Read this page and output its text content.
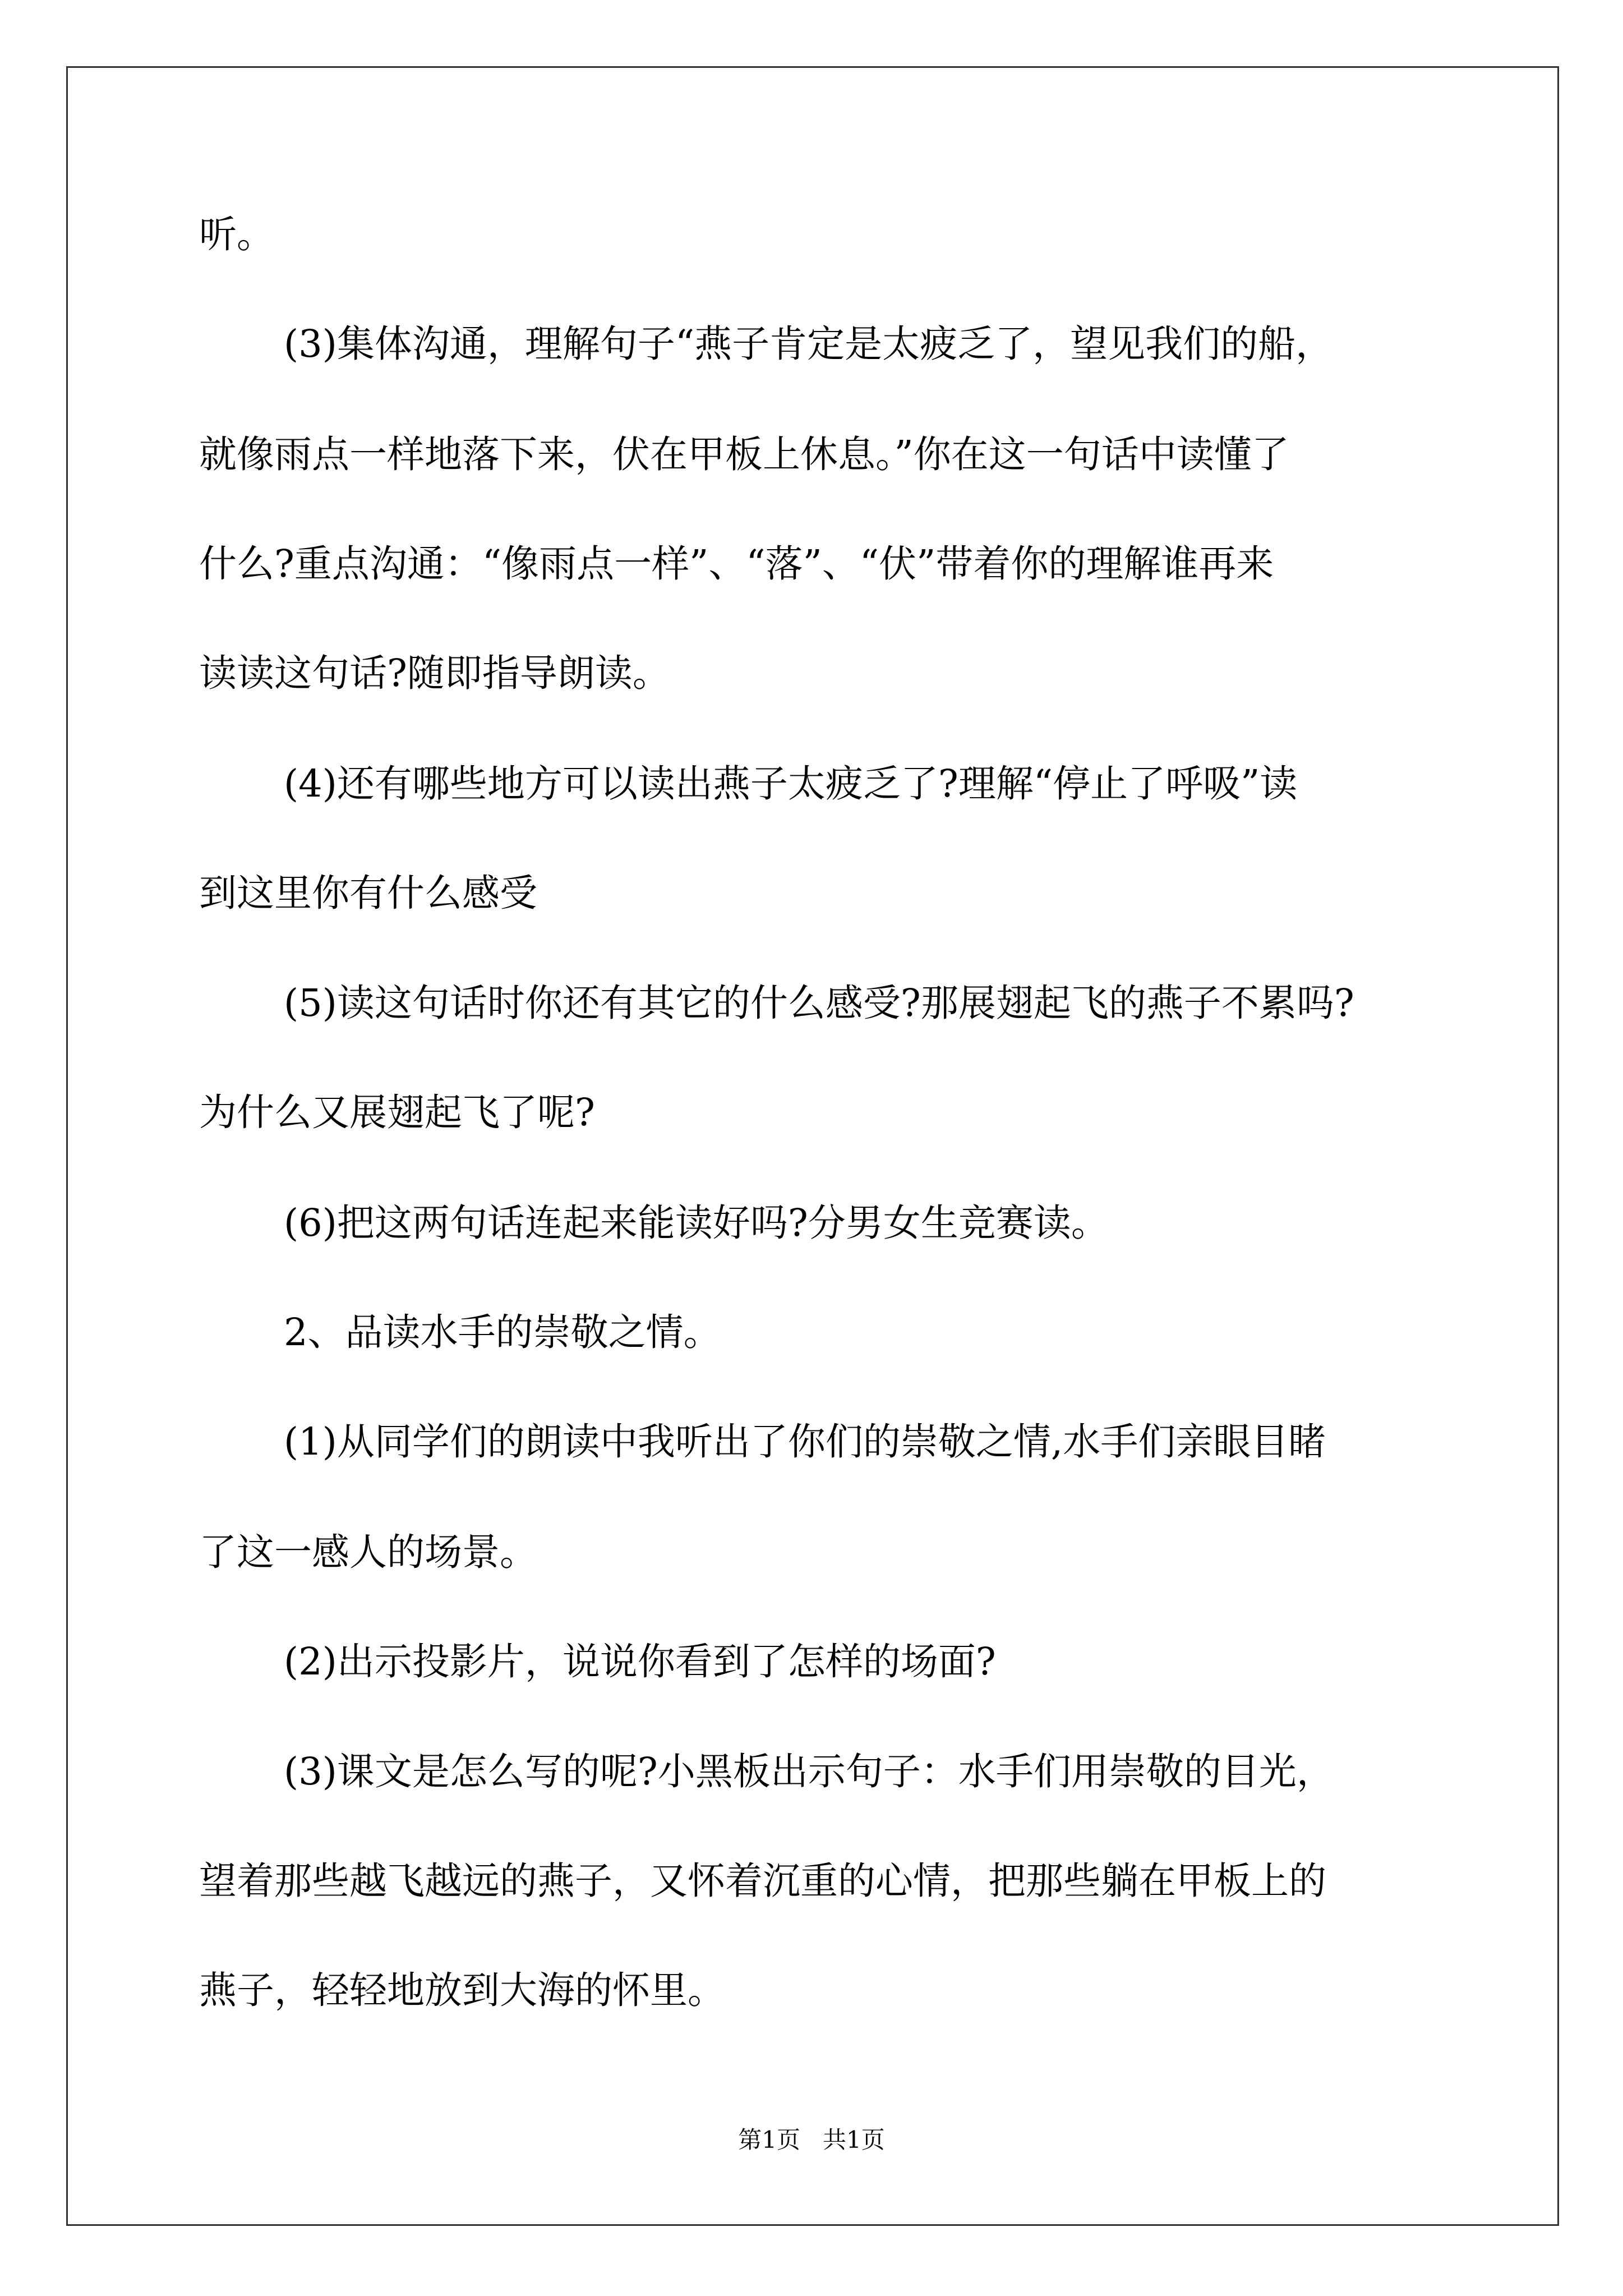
听。

(3)集体沟通，理解句子“燕子肯定是太疲乏了，望见我们的船，

就像雨点一样地落下来，伏在甲板上休息。”你在这一句话中读懂了

什么?重点沟通：“像雨点一样”、“落”、“伏”带着你的理解谁再来

读读这句话?随即指导朗读。

(4)还有哪些地方可以读出燕子太疲乏了?理解“停止了呼吸”读

到这里你有什么感受

(5)读这句话时你还有其它的什么感受?那展翅起飞的燕子不累吗?

为什么又展翅起飞了呢?

(6)把这两句话连起来能读好吗?分男女生竞赛读。

2、品读水手的崇敬之情。

(1)从同学们的朗读中我听出了你们的崇敬之情,水手们亲眼目睹

了这一感人的场景。

(2)出示投影片，说说你看到了怎样的场面?

(3)课文是怎么写的呢?小黑板出示句子：水手们用崇敬的目光，

望着那些越飞越远的燕子，又怀着沉重的心情，把那些躺在甲板上的

燕子，轻轻地放到大海的怀里。

第1页   共1页
